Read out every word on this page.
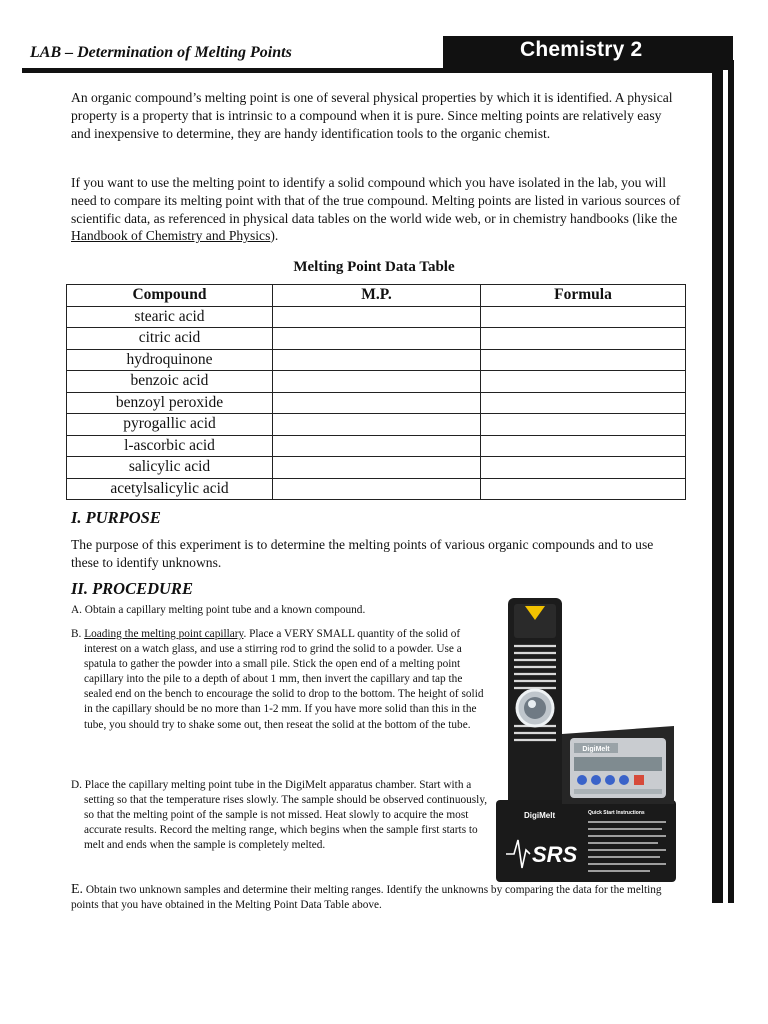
Chemistry 2
LAB – Determination of Melting Points
An organic compound’s melting point is one of several physical properties by which it is identified. A physical property is a property that is intrinsic to a compound when it is pure. Since melting points are relatively easy and inexpensive to determine, they are handy identification tools to the organic chemist.
If you want to use the melting point to identify a solid compound which you have isolated in the lab, you will need to compare its melting point with that of the true compound. Melting points are listed in various sources of scientific data, as referenced in physical data tables on the world wide web, or in chemistry handbooks (like the Handbook of Chemistry and Physics).
Melting Point Data Table
Compound	M.P.	Formula
stearic acid		
citric acid		
hydroquinone		
benzoic acid		
benzoyl peroxide		
pyrogallic acid		
l-ascorbic acid		
salicylic acid		
acetylsalicylic acid		
I. PURPOSE
The purpose of this experiment is to determine the melting points of various organic compounds and to use these to identify unknowns.
II. PROCEDURE
A. Obtain a capillary melting point tube and a known compound.
B. Loading the melting point capillary. Place a VERY SMALL quantity of the solid of interest on a watch glass, and use a stirring rod to grind the solid to a powder. Use a spatula to gather the powder into a small pile. Stick the open end of a melting point capillary into the pile to a depth of about 1 mm, then invert the capillary and tap the sealed end on the bench to encourage the solid to drop to the bottom. The height of solid in the capillary should be no more than 1-2 mm. If you have more solid than this in the tube, you should try to shake some out, then reseat the solid at the bottom of the tube.
D. Place the capillary melting point tube in the DigiMelt apparatus chamber. Start with a setting so that the temperature rises slowly. The sample should be observed continuously, so that the melting point of the sample is not missed. Heat slowly to acquire the most accurate results. Record the melting range, which begins when the sample first starts to melt and ends when the sample is completely melted.
E. Obtain two unknown samples and determine their melting ranges. Identify the unknowns by comparing the data for the melting points that you have obtained in the Melting Point Data Table above.
DigiMelt
DigiMelt
SRS
Quick Start Instructions
